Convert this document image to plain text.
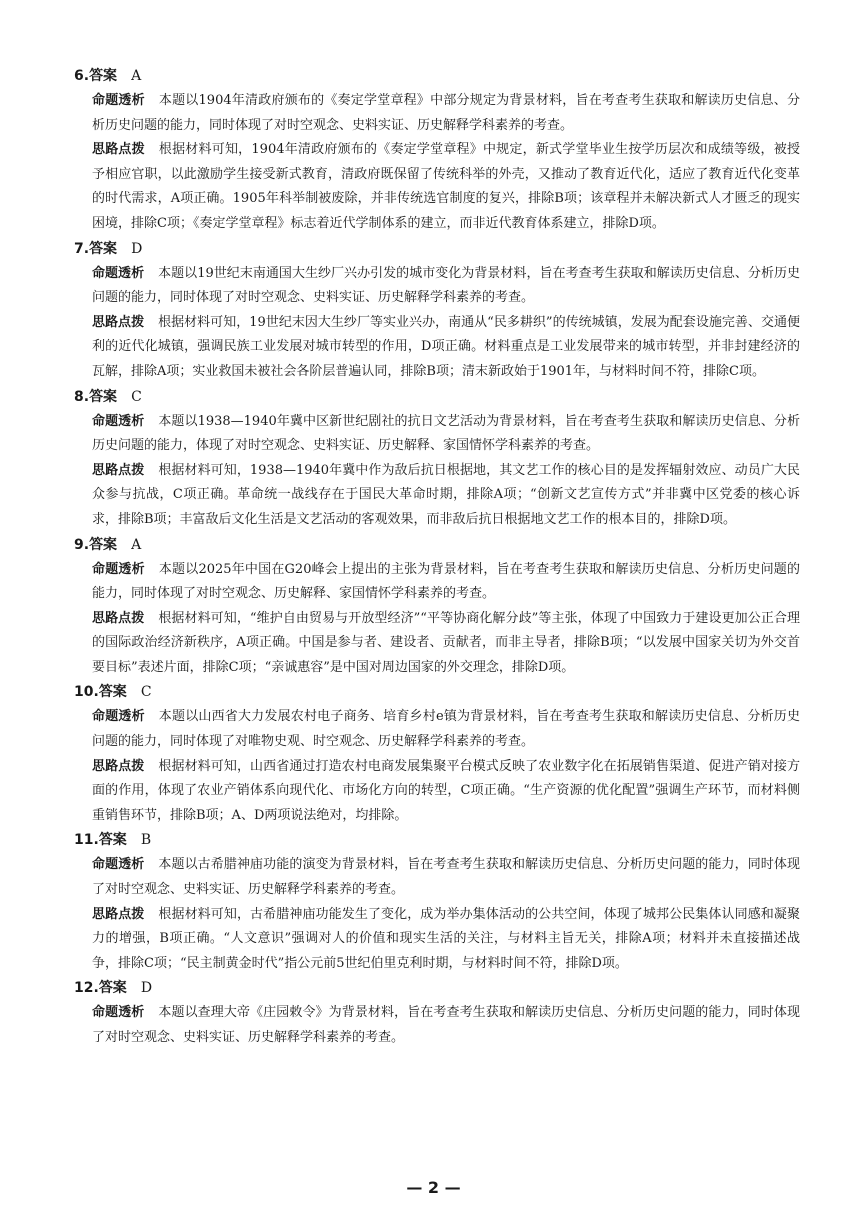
6.答案 A
命题透析 本题以1904年清政府颁布的《奏定学堂章程》中部分规定为背景材料，旨在考查考生获取和解读历史信息、分析历史问题的能力，同时体现了对时空观念、史料实证、历史解释学科素养的考查。
思路点拨 根据材料可知，1904年清政府颁布的《奏定学堂章程》中规定，新式学堂毕业生按学历层次和成绩等级，被授予相应官职，以此激励学生接受新式教育，清政府既保留了传统科举的外壳，又推动了教育近代化，适应了教育近代化变革的时代需求，A项正确。1905年科举制被废除，并非传统选官制度的复兴，排除B项；该章程并未解决新式人才匮乏的现实困境，排除C项；《奏定学堂章程》标志着近代学制体系的建立，而非近代教育体系建立，排除D项。
7.答案 D
命题透析 本题以19世纪末南通国大生纱厂兴办引发的城市变化为背景材料，旨在考查考生获取和解读历史信息、分析历史问题的能力，同时体现了对时空观念、史料实证、历史解释学科素养的考查。
思路点拨 根据材料可知，19世纪末因大生纱厂等实业兴办，南通从“民多耕织”的传统城镇，发展为配套设施完善、交通便利的近代化城镇，强调民族工业发展对城市转型的作用，D项正确。材料重点是工业发展带来的城市转型，并非封建经济的瓦解，排除A项；实业救国未被社会各阶层普遍认同，排除B项；清末新政始于1901年，与材料时间不符，排除C项。
8.答案 C
命题透析 本题以1938—1940年冀中区新世纪剧社的抗日文艺活动为背景材料，旨在考查考生获取和解读历史信息、分析历史问题的能力，体现了对时空观念、史料实证、历史解释、家国情怀学科素养的考查。
思路点拨 根据材料可知，1938—1940年冀中作为敌后抗日根据地，其文艺工作的核心目的是发挥辐射效应、动员广大民众参与抗战，C项正确。革命统一战线存在于国民大革命时期，排除A项；“创新文艺宣传方式”并非冀中区党委的核心诉求，排除B项；丰富敌后文化生活是文艺活动的客观效果，而非敌后抗日根据地文艺工作的根本目的，排除D项。
9.答案 A
命题透析 本题以2025年中国在G20峰会上提出的主张为背景材料，旨在考查考生获取和解读历史信息、分析历史问题的能力，同时体现了对时空观念、历史解释、家国情怀学科素养的考查。
思路点拨 根据材料可知，“维护自由贸易与开放型经济”“平等协商化解分歧”等主张，体现了中国致力于建设更加公正合理的国际政治经济新秩序，A项正确。中国是参与者、建设者、贡献者，而非主导者，排除B项；“以发展中国家关切为外交首要目标”表述片面，排除C项；“亲诚惠容”是中国对周边国家的外交理念，排除D项。
10.答案 C
命题透析 本题以山西省大力发展农村电子商务、培育乡村e镇为背景材料，旨在考查考生获取和解读历史信息、分析历史问题的能力，同时体现了对唯物史观、时空观念、历史解释学科素养的考查。
思路点拨 根据材料可知，山西省通过打造农村电商发展集聚平台模式反映了农业数字化在拓展销售渠道、促进产销对接方面的作用，体现了农业产销体系向现代化、市场化方向的转型，C项正确。“生产资源的优化配置”强调生产环节，而材料侧重销售环节，排除B项；A、D两项说法绝对，均排除。
11.答案 B
命题透析 本题以古希腊神庙功能的演变为背景材料，旨在考查考生获取和解读历史信息、分析历史问题的能力，同时体现了对时空观念、史料实证、历史解释学科素养的考查。
思路点拨 根据材料可知，古希腊神庙功能发生了变化，成为举办集体活动的公共空间，体现了城邦公民集体认同感和凝聚力的增强，B项正确。“人文意识”强调对人的价值和现实生活的关注，与材料主旨无关，排除A项；材料并未直接描述战争，排除C项；“民主制黄金时代”指公元前5世纪伯里克利时期，与材料时间不符，排除D项。
12.答案 D
命题透析 本题以查理大帝《庄园敕令》为背景材料，旨在考查考生获取和解读历史信息、分析历史问题的能力，同时体现了对时空观念、史料实证、历史解释学科素养的考查。
— 2 —
